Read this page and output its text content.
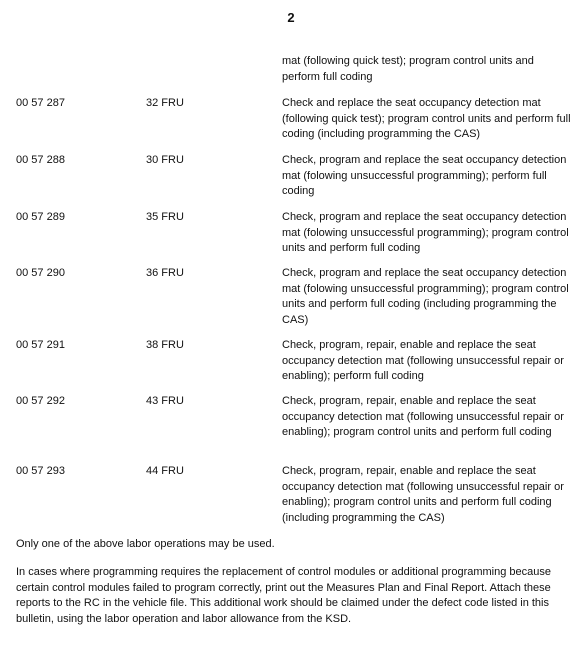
2
mat (following quick test); program control units and perform full coding
00 57 287	32 FRU	Check and replace the seat occupancy detection mat (following quick test); program control units and perform full coding (including programming the CAS)
00 57 288	30 FRU	Check, program and replace the seat occupancy detection mat (folowing unsuccessful programming); perform full coding
00 57 289	35 FRU	Check, program and replace the seat occupancy detection mat (folowing unsuccessful programming); program control units and perform full coding
00 57 290	36 FRU	Check, program and replace the seat occupancy detection mat (folowing unsuccessful programming); program control units and perform full coding (including programming the CAS)
00 57 291	38 FRU	Check, program, repair, enable and replace the seat occupancy detection mat (following unsuccessful repair or enabling); perform full coding
00 57 292	43 FRU	Check, program, repair, enable and replace the seat occupancy detection mat (following unsuccessful repair or enabling); program control units and perform full coding
00 57 293	44 FRU	Check, program, repair, enable and replace the seat occupancy detection mat (following unsuccessful repair or enabling); program control units and perform full coding (including programming the CAS)
Only one of the above labor operations may be used.
In cases where programming requires the replacement of control modules or additional programming because certain control modules failed to program correctly, print out the Measures Plan and Final Report. Attach these reports to the RC in the vehicle file. This additional work should be claimed under the defect code listed in this bulletin, using the labor operation and labor allowance from the KSD.
